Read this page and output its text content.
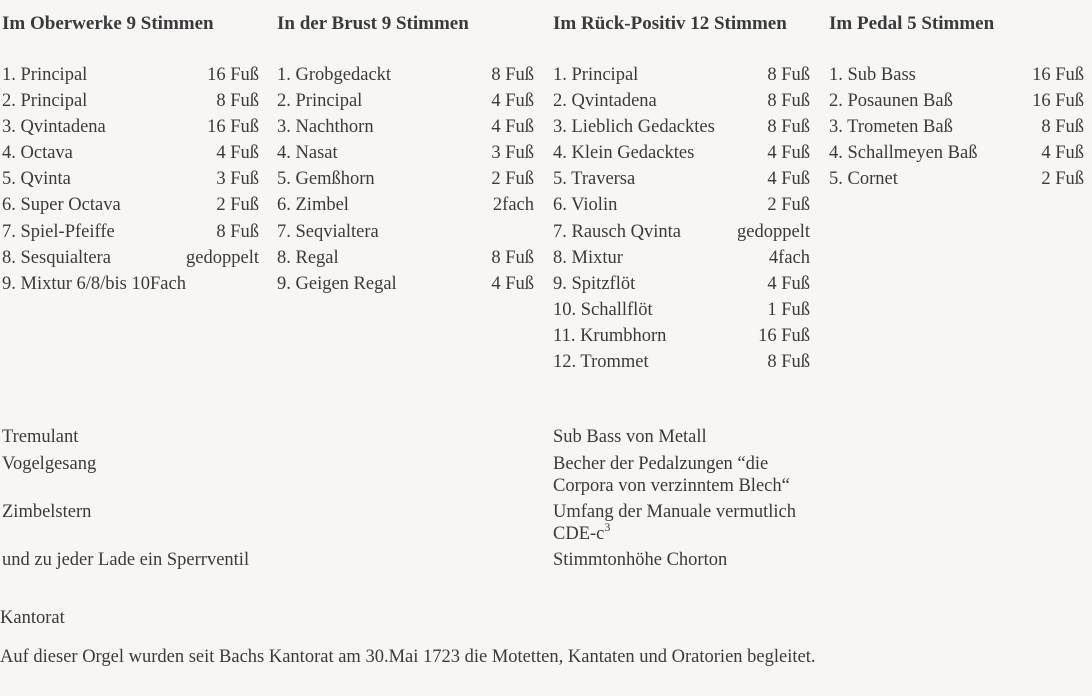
Im Oberwerke 9 Stimmen
1. Principal	16 Fuß
2. Principal	8 Fuß
3. Qvintadena	16 Fuß
4. Octava	4 Fuß
5. Qvinta	3 Fuß
6. Super Octava	2 Fuß
7. Spiel-Pfeiffe	8 Fuß
8. Sesquialtera	gedoppelt
9. Mixtur 6/8/bis 10Fach
In der Brust 9 Stimmen
1. Grobgedackt	8 Fuß
2. Principal	4 Fuß
3. Nachthorn	4 Fuß
4. Nasat	3 Fuß
5. Gemßhorn	2 Fuß
6. Zimbel	2fach
7. Seqvialtera
8. Regal	8 Fuß
9. Geigen Regal	4 Fuß
Im Rück-Positiv 12 Stimmen
1. Principal	8 Fuß
2. Qvintadena	8 Fuß
3. Lieblich Gedacktes	8 Fuß
4. Klein Gedacktes	4 Fuß
5. Traversa	4 Fuß
6. Violin	2 Fuß
7. Rausch Qvinta	gedoppelt
8. Mixtur	4fach
9. Spitzflöt	4 Fuß
10. Schallflöt	1 Fuß
11. Krumbhorn	16 Fuß
12. Trommet	8 Fuß
Im Pedal 5 Stimmen
1. Sub Bass	16 Fuß
2. Posaunen Baß	16 Fuß
3. Trometen Baß	8 Fuß
4. Schallmeyen Baß	4 Fuß
5. Cornet	2 Fuß
Tremulant
Vogelgesang
Zimbelstern
und zu jeder Lade ein Sperrventil
Sub Bass von Metall
Becher der Pedalzungen “die
Corpora von verzinntem Blech“
Umfang der Manuale vermutlich
CDE-$c^3$
Stimmtonhöhe Chorton
Kantorat
Auf dieser Orgel wurden seit Bachs Kantorat am 30.Mai 1723 die Motetten, Kantaten und Oratorien begleitet.
